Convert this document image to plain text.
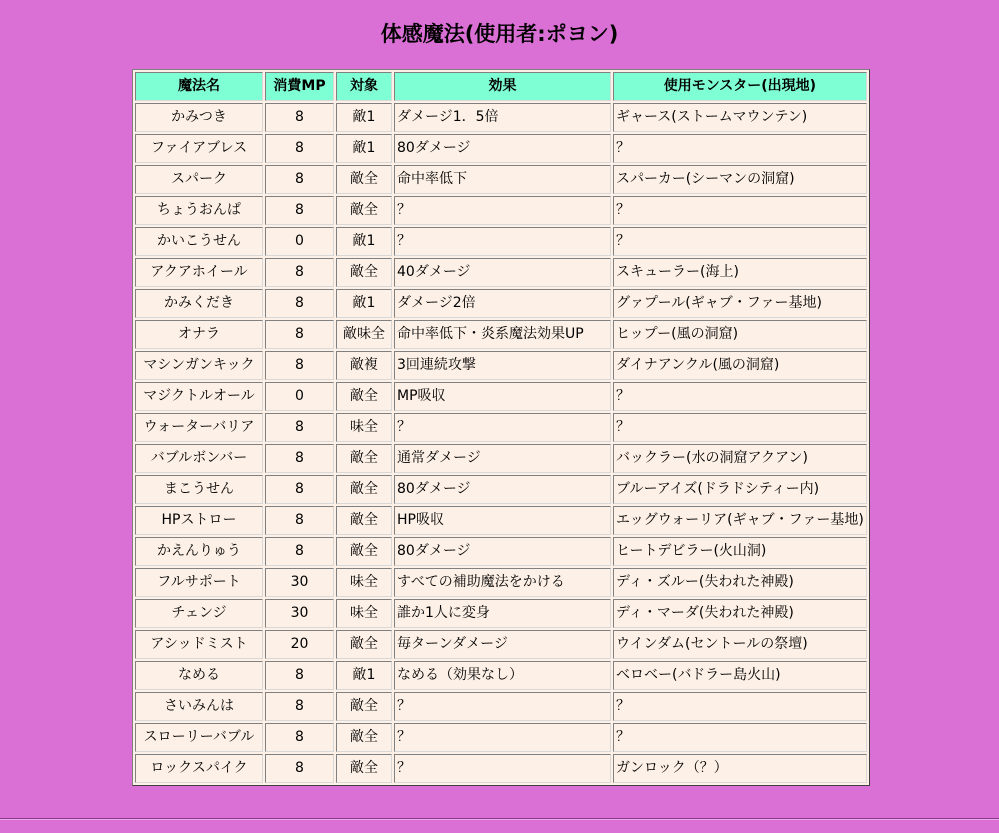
体感魔法(使用者:ポヨン)
魔法名	消費MP	対象	効果	使用モンスター(出現地)
かみつき	8	敵1	ダメージ1．5倍	ギャース(ストームマウンテン)
ファイアブレス	8	敵1	80ダメージ	？
スパーク	8	敵全	命中率低下	スパーカー(シーマンの洞窟)
ちょうおんぱ	8	敵全	？	？
かいこうせん	0	敵1	？	？
アクアホイール	8	敵全	40ダメージ	スキューラー(海上)
かみくだき	8	敵1	ダメージ2倍	グァプール(ギャブ・ファー基地)
オナラ	8	敵味全	命中率低下・炎系魔法効果UP	ヒップー(風の洞窟)
マシンガンキック	8	敵複	3回連続攻撃	ダイナアンクル(風の洞窟)
マジクトルオール	0	敵全	MP吸収	？
ウォーターバリア	8	味全	？	？
バブルボンバー	8	敵全	通常ダメージ	バックラー(水の洞窟アクアン)
まこうせん	8	敵全	80ダメージ	ブルーアイズ(ドラドシティー内)
HPストロー	8	敵全	HP吸収	エッグウォーリア(ギャブ・ファー基地)
かえんりゅう	8	敵全	80ダメージ	ヒートデビラー(火山洞)
フルサポート	30	味全	すべての補助魔法をかける	ディ・ズルー(失われた神殿)
チェンジ	30	味全	誰か1人に変身	ディ・マーダ(失われた神殿)
アシッドミスト	20	敵全	毎ターンダメージ	ウインダム(セントールの祭壇)
なめる	8	敵1	なめる（効果なし）	ベロベー(バドラー島火山)
さいみんは	8	敵全	？	？
スローリーバブル	8	敵全	？	？
ロックスパイク	8	敵全	？	ガンロック（？）
